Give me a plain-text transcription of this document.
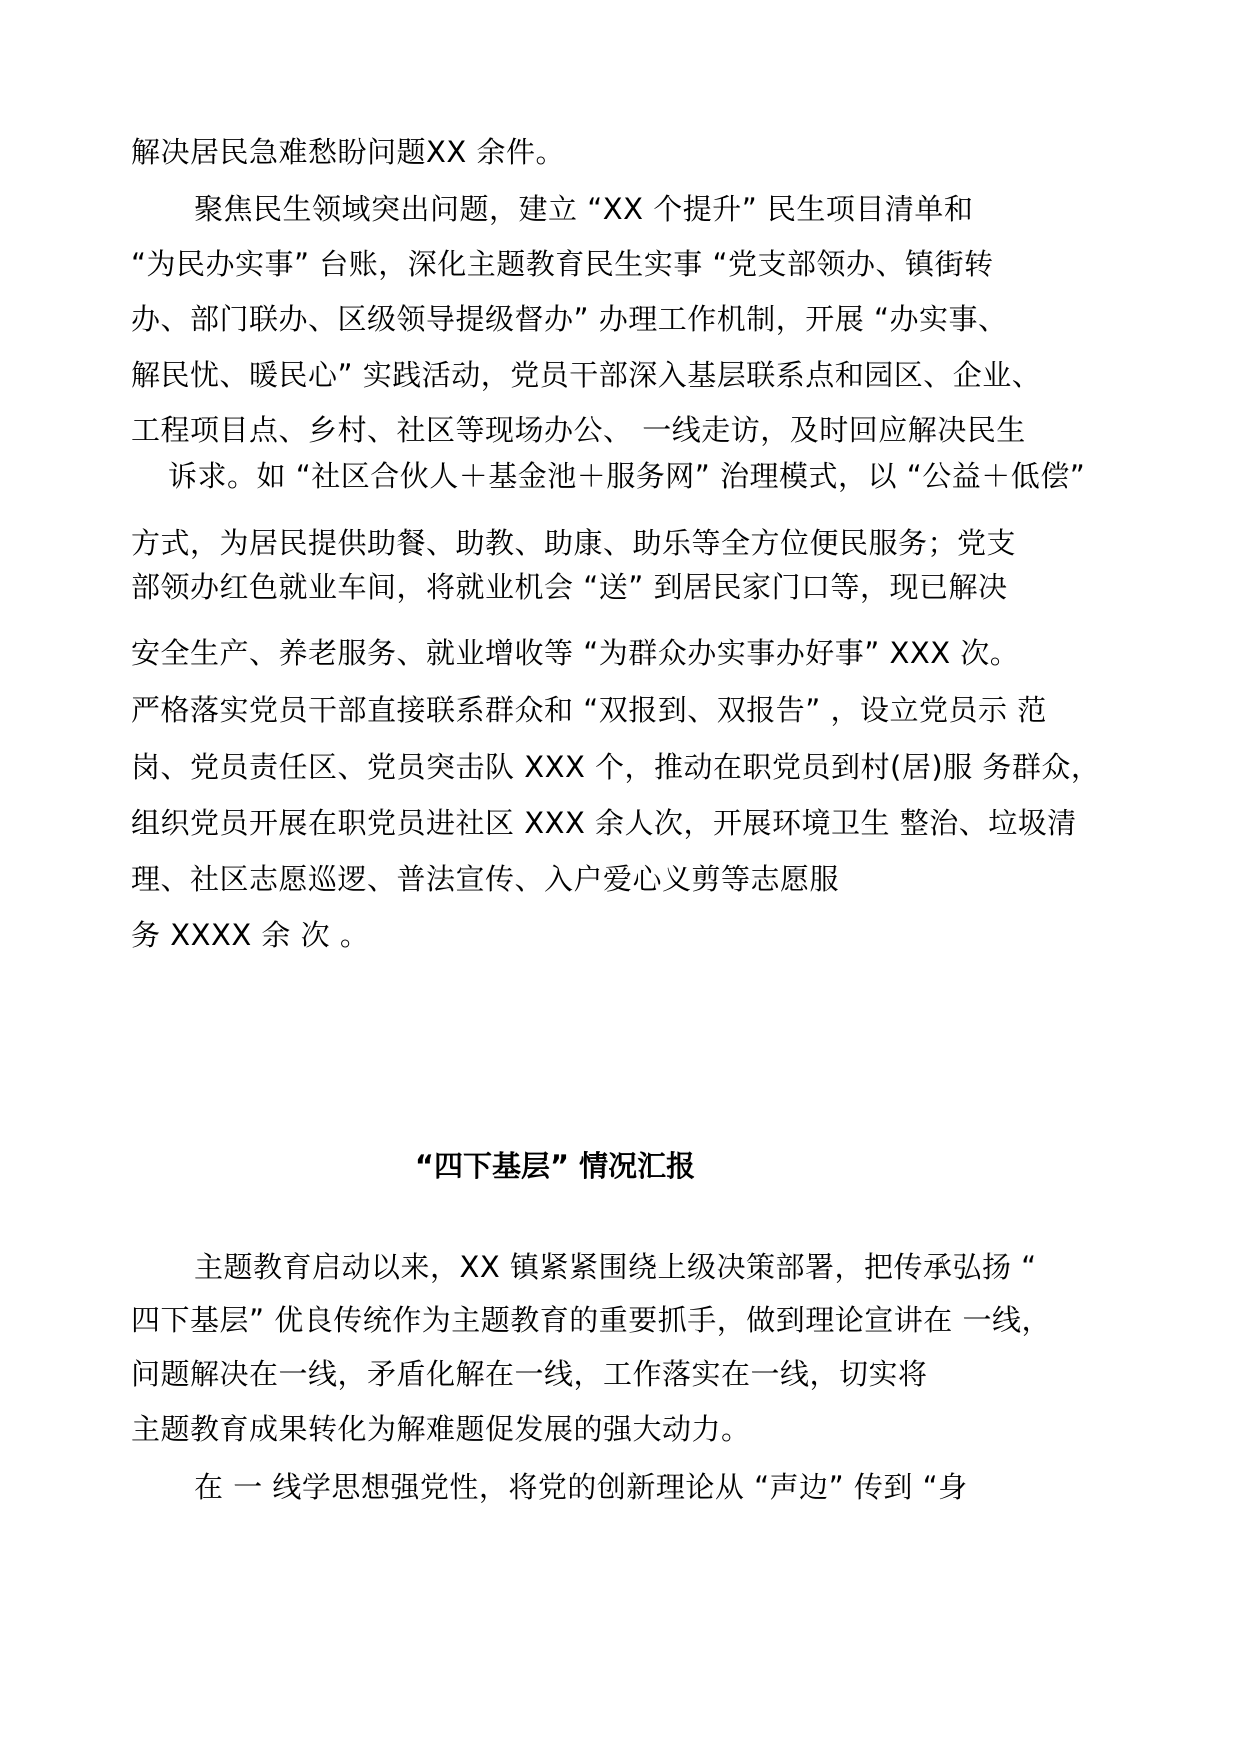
解决居民急难愁盼问题XX 余件。

聚焦民生领域突出问题，建立 “XX 个提升” 民生项目清单和

“为民办实事” 台账，深化主题教育民生实事 “党支部领办、镇街转

办、部门联办、区级领导提级督办” 办理工作机制，开展 “办实事、

解民忧、暖民心” 实践活动，党员干部深入基层联系点和园区、企业、

工程项目点、乡村、社区等现场办公、 一线走访，及时回应解决民生

诉求。如 “社区合伙人＋基金池＋服务网” 治理模式，以 “公益＋低偿”

方式，为居民提供助餐、助教、助康、助乐等全方位便民服务；党支

部领办红色就业车间，将就业机会 “送” 到居民家门口等，现已解决

安全生产、养老服务、就业增收等 “为群众办实事办好事” XXX 次。

严格落实党员干部直接联系群众和 “双报到、双报告” ，设立党员示 范

岗、党员责任区、党员突击队 XXX 个，推动在职党员到村(居)服 务群众，

组织党员开展在职党员进社区 XXX 余人次，开展环境卫生 整治、垃圾清

理、社区志愿巡逻、普法宣传、入户爱心义剪等志愿服

务 XXXX 余 次 。

“四下基层” 情况汇报

主题教育启动以来，XX 镇紧紧围绕上级决策部署，把传承弘扬 “

四下基层” 优良传统作为主题教育的重要抓手，做到理论宣讲在 一线，

问题解决在一线，矛盾化解在一线，工作落实在一线，切实将

主题教育成果转化为解难题促发展的强大动力。

在 一 线学思想强党性，将党的创新理论从 “声边” 传到 “身
